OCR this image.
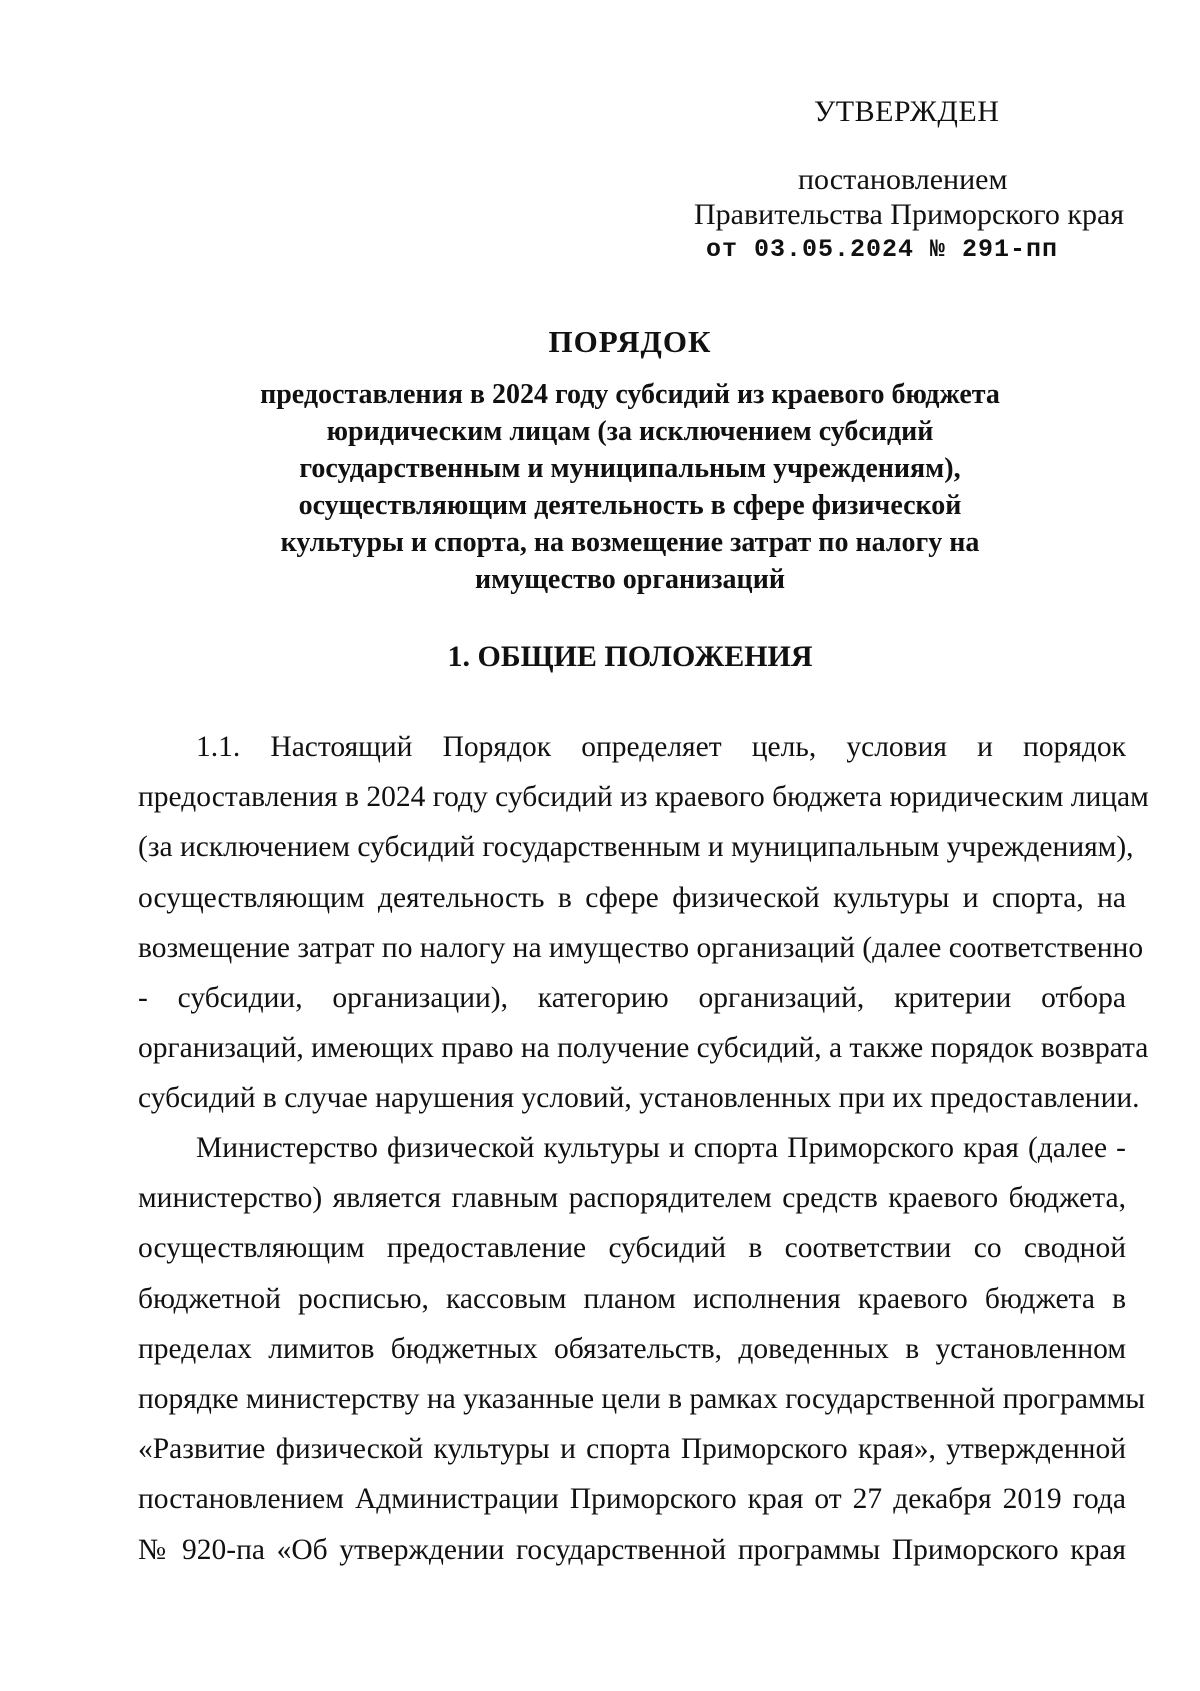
УТВЕРЖДЕН
постановлением
Правительства Приморского края
от 03.05.2024 № 291-пп
ПОРЯДОК
предоставления в 2024 году субсидий из краевого бюджета
юридическим лицам (за исключением субсидий
государственным и муниципальным учреждениям),
осуществляющим деятельность в сфере физической
культуры и спорта, на возмещение затрат по налогу на
имущество организаций
1. ОБЩИЕ ПОЛОЖЕНИЯ
1.1. Настоящий Порядок определяет цель, условия и порядок
предоставления в 2024 году субсидий из краевого бюджета юридическим лицам
(за исключением субсидий государственным и муниципальным учреждениям),
осуществляющим деятельность в сфере физической культуры и спорта, на
возмещение затрат по налогу на имущество организаций (далее соответственно
- субсидии, организации), категорию организаций, критерии отбора
организаций, имеющих право на получение субсидий, а также порядок возврата
субсидий в случае нарушения условий, установленных при их предоставлении.
Министерство физической культуры и спорта Приморского края (далее -
министерство) является главным распорядителем средств краевого бюджета,
осуществляющим предоставление субсидий в соответствии со сводной
бюджетной росписью, кассовым планом исполнения краевого бюджета в
пределах лимитов бюджетных обязательств, доведенных в установленном
порядке министерству на указанные цели в рамках государственной программы
«Развитие физической культуры и спорта Приморского края», утвержденной
постановлением Администрации Приморского края от 27 декабря 2019 года
№ 920-па «Об утверждении государственной программы Приморского края
